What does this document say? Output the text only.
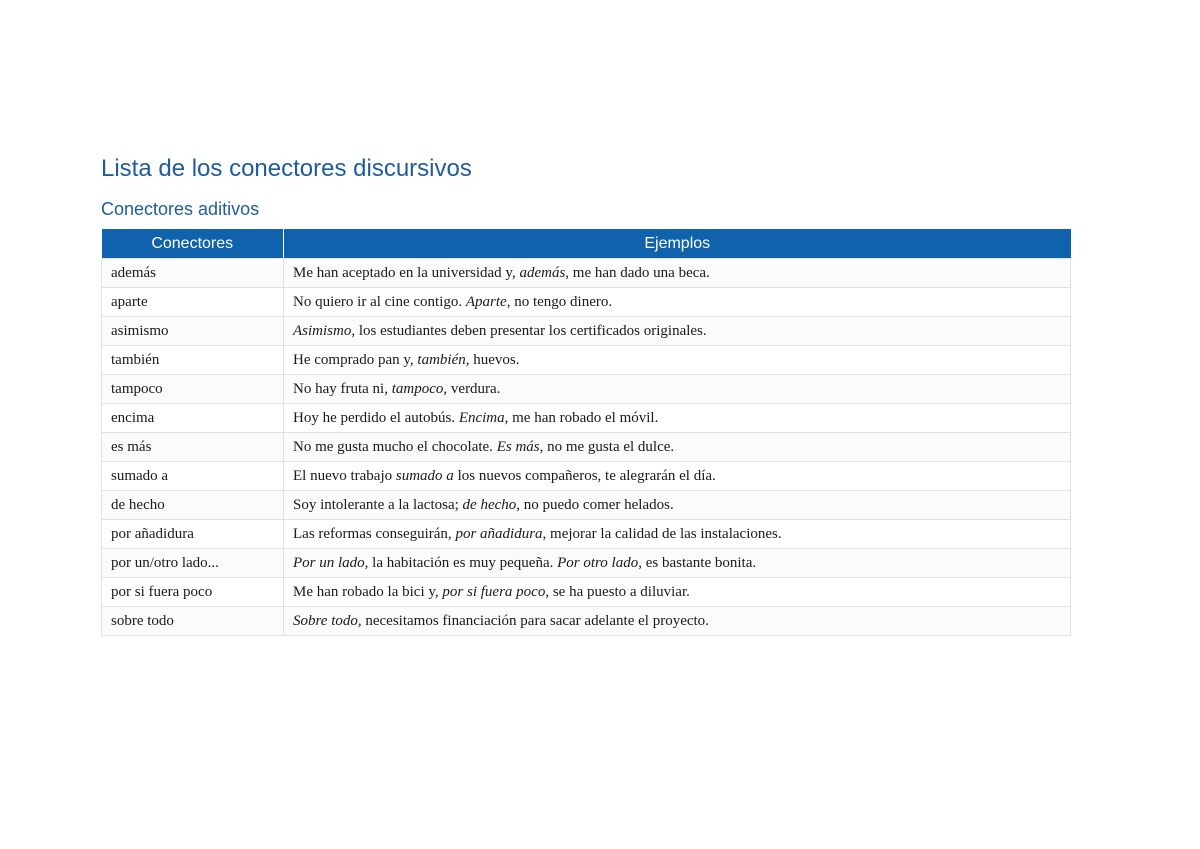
Lista de los conectores discursivos
Conectores aditivos
Conectores	Ejemplos
además	Me han aceptado en la universidad y, además, me han dado una beca.
aparte	No quiero ir al cine contigo. Aparte, no tengo dinero.
asimismo	Asimismo, los estudiantes deben presentar los certificados originales.
también	He comprado pan y, también, huevos.
tampoco	No hay fruta ni, tampoco, verdura.
encima	Hoy he perdido el autobús. Encima, me han robado el móvil.
es más	No me gusta mucho el chocolate. Es más, no me gusta el dulce.
sumado a	El nuevo trabajo sumado a los nuevos compañeros, te alegrarán el día.
de hecho	Soy intolerante a la lactosa; de hecho, no puedo comer helados.
por añadidura	Las reformas conseguirán, por añadidura, mejorar la calidad de las instalaciones.
por un/otro lado...	Por un lado, la habitación es muy pequeña. Por otro lado, es bastante bonita.
por si fuera poco	Me han robado la bici y, por si fuera poco, se ha puesto a diluviar.
sobre todo	Sobre todo, necesitamos financiación para sacar adelante el proyecto.
